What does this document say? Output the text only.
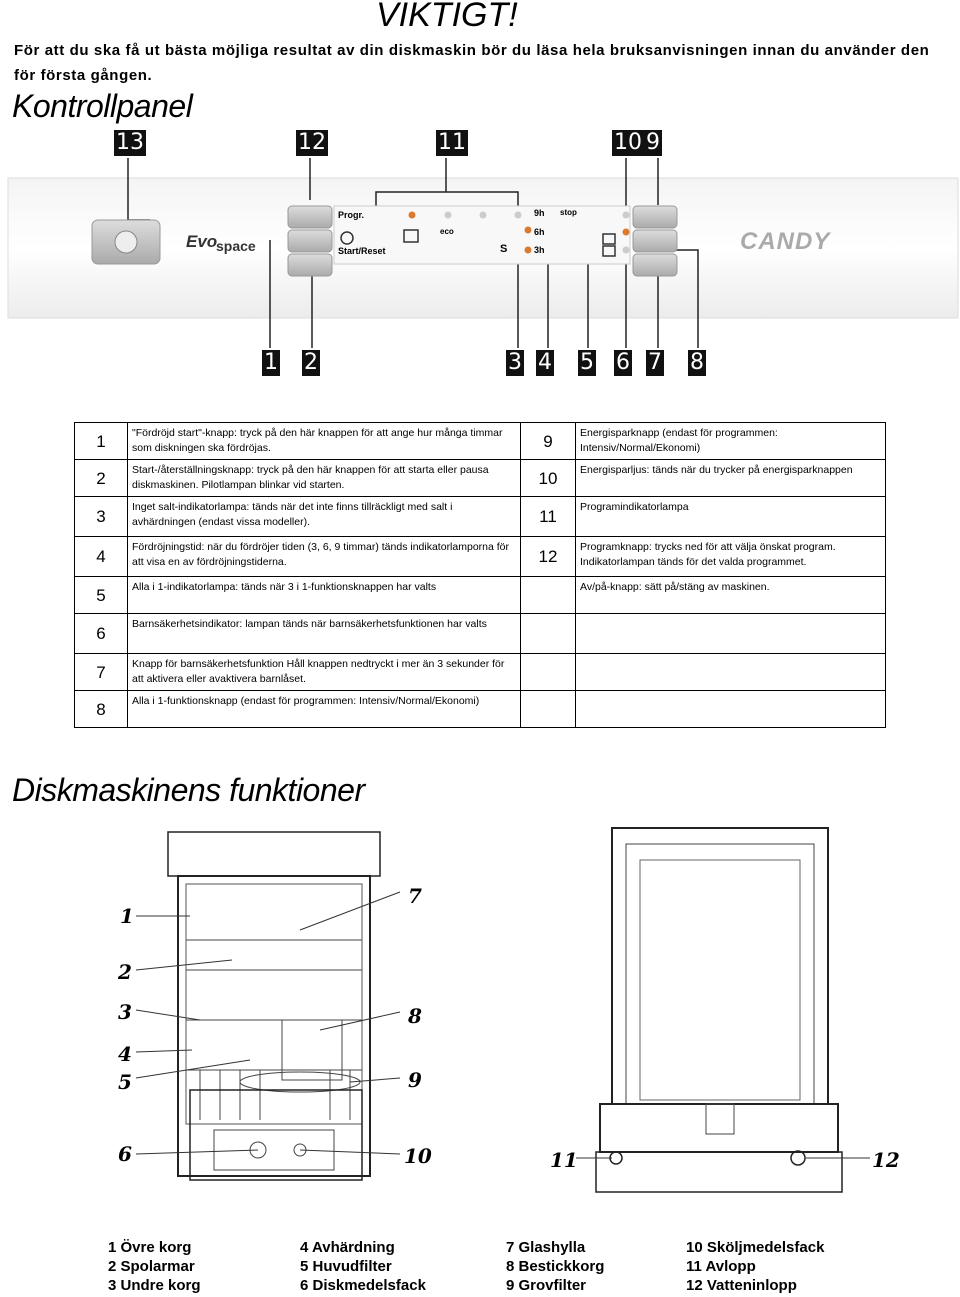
VIKTIGT!
För att du ska få ut bästa möjliga resultat av din diskmaskin bör du läsa hela bruksanvisningen innan du använder den för första gången.
Kontrollpanel
13	12	11	10 9
Evo
space	CANDY
Progr.
Start/Reset
eco
9h
6h
3h
stop
S
1 2	3 4 5 6 7 8
1	"Fördröjd start"-knapp: tryck på den här knappen för att ange hur många timmar som diskningen ska fördröjas.	9	Energisparknapp (endast för programmen: Intensiv/Normal/Ekonomi)
2	Start-/återställningsknapp: tryck på den här knappen för att starta eller pausa diskmaskinen. Pilotlampan blinkar vid starten.	10	Energisparljus: tänds när du trycker på energisparknappen
3	Inget salt-indikatorlampa: tänds när det inte finns tillräckligt med salt i avhärdningen (endast vissa modeller).	11	Programindikatorlampa
4	Fördröjningstid: när du fördröjer tiden (3, 6, 9 timmar) tänds indikatorlamporna för att visa en av fördröjningstiderna.	12	Programknapp: trycks ned för att välja önskat program. Indikatorlampan tänds för det valda programmet.
5	Alla i 1-indikatorlampa: tänds när 3 i 1-funktionsknappen har valts		Av/på-knapp: sätt på/stäng av maskinen.
6	Barnsäkerhetsindikator: lampan tänds när barnsäkerhetsfunktionen har valts		
7	Knapp för barnsäkerhetsfunktion Håll knappen nedtryckt i mer än 3 sekunder för att aktivera eller avaktivera barnlåset.		
8	Alla i 1-funktionsknapp (endast för programmen: Intensiv/Normal/Ekonomi)		
Diskmaskinens funktioner
1
2
3
4
5
6
7
8
9
10	11	12
1 Övre korg
2 Spolarmar
3 Undre korg
4 Avhärdning
5 Huvudfilter
6 Diskmedelsfack
7 Glashylla
8 Bestickkorg
9 Grovfilter
10 Sköljmedelsfack
11 Avlopp
12 Vatteninlopp
